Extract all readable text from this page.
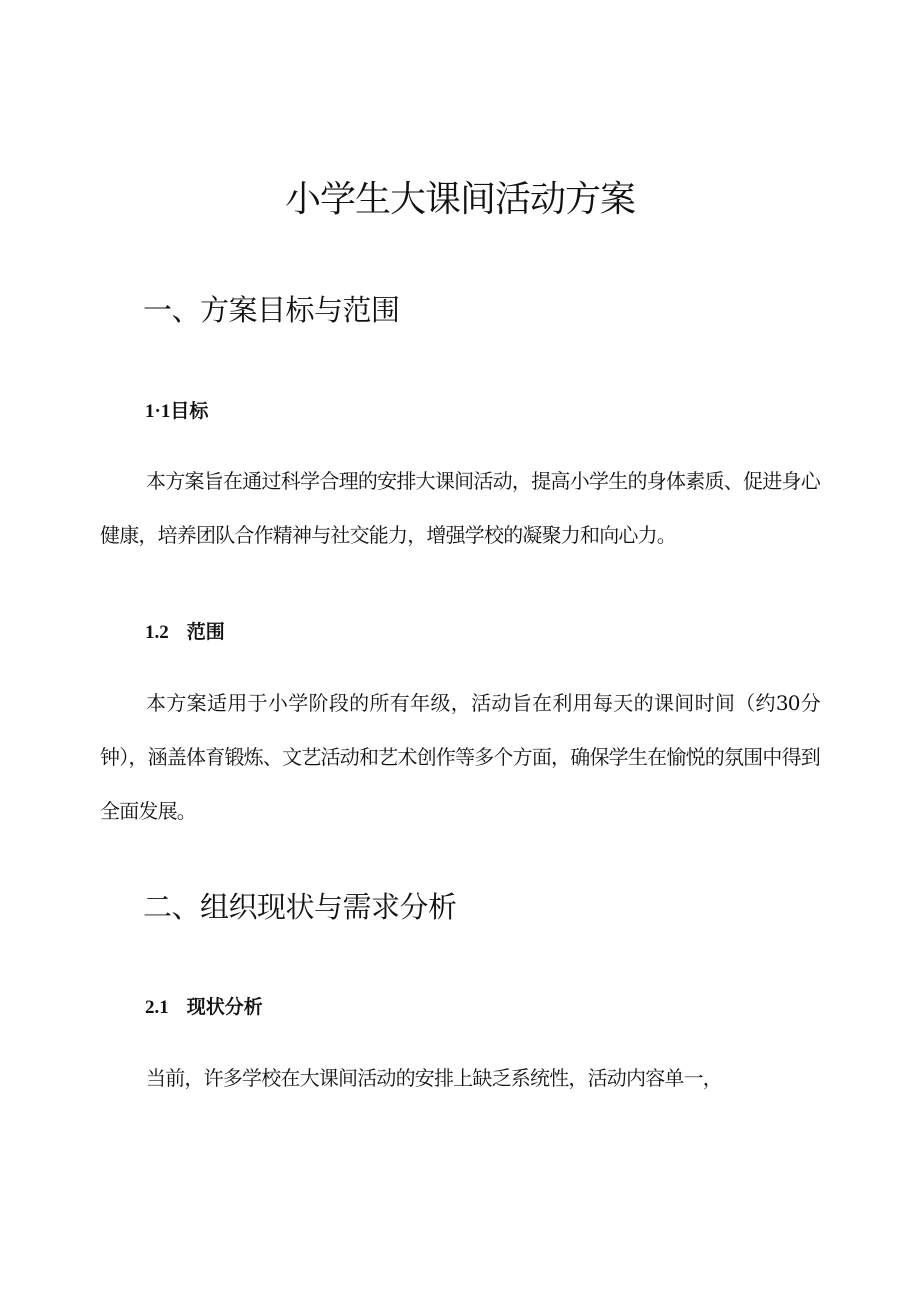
小学生大课间活动方案
一、方案目标与范围
1·1目标

本方案旨在通过科学合理的安排大课间活动，提高小学生的身体素质、促进身心健康，培养团队合作精神与社交能力，增强学校的凝聚力和向心力。

1.2 范围

本方案适用于小学阶段的所有年级，活动旨在利用每天的课间时间（约30分钟），涵盖体育锻炼、文艺活动和艺术创作等多个方面，确保学生在愉悦的氛围中得到全面发展。

二、组织现状与需求分析
2.1 现状分析

当前，许多学校在大课间活动的安排上缺乏系统性，活动内容单一，
